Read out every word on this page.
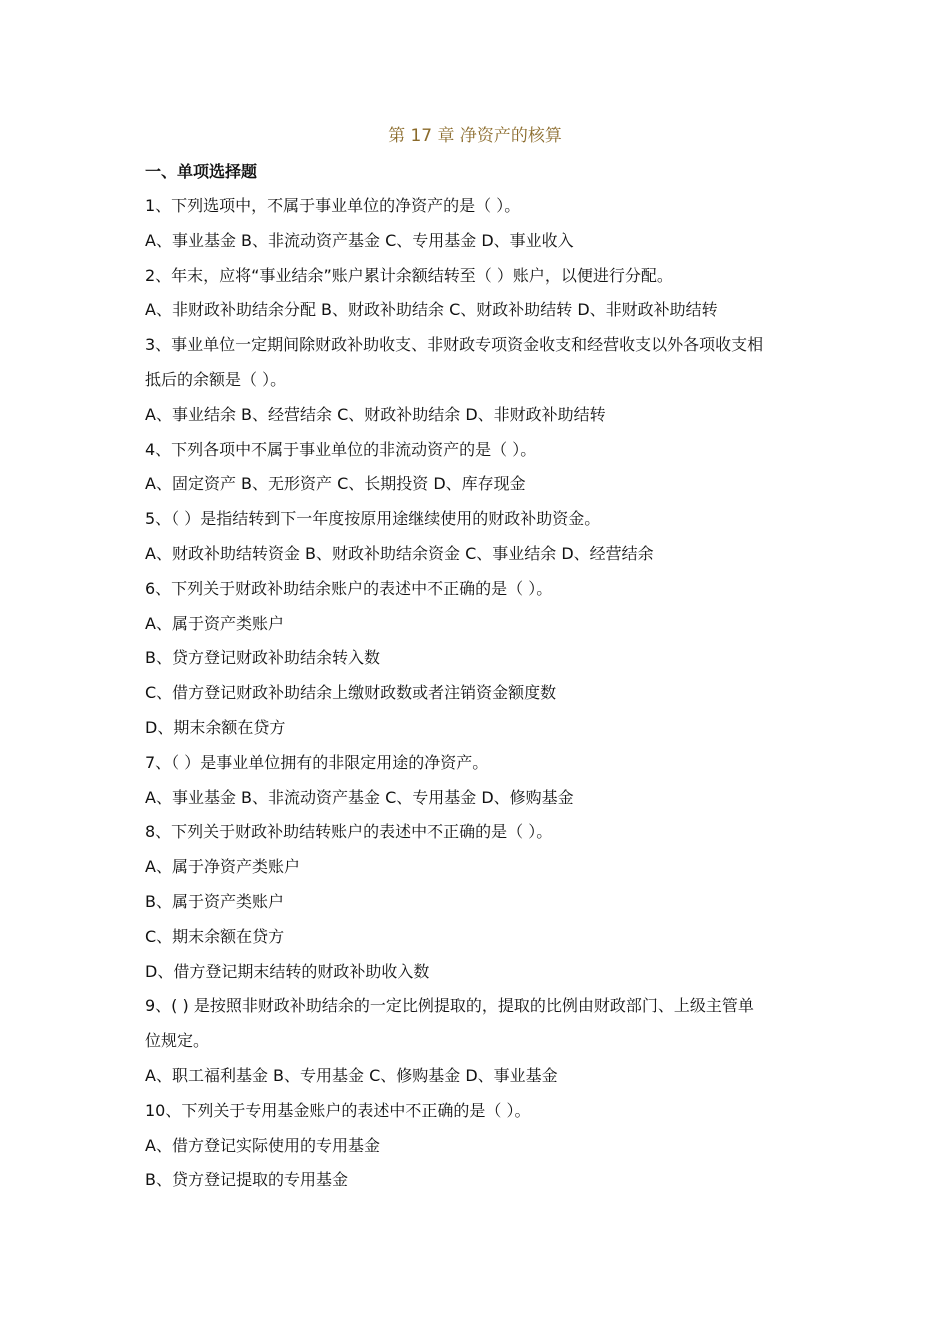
第 17 章 净资产的核算
一、单项选择题
1、下列选项中，不属于事业单位的净资产的是（ ）。
A、事业基金 B、非流动资产基金 C、专用基金 D、事业收入
2、年末，应将“事业结余”账户累计余额结转至（ ）账户，以便进行分配。
A、非财政补助结余分配 B、财政补助结余 C、财政补助结转 D、非财政补助结转
3、事业单位一定期间除财政补助收支、非财政专项资金收支和经营收支以外各项收支相
抵后的余额是（ ）。
A、事业结余 B、经营结余 C、财政补助结余 D、非财政补助结转
4、下列各项中不属于事业单位的非流动资产的是（ ）。
A、固定资产 B、无形资产 C、长期投资 D、库存现金
5、（ ）是指结转到下一年度按原用途继续使用的财政补助资金。
A、财政补助结转资金 B、财政补助结余资金 C、事业结余 D、经营结余
6、下列关于财政补助结余账户的表述中不正确的是（ ）。
A、属于资产类账户
B、贷方登记财政补助结余转入数
C、借方登记财政补助结余上缴财政数或者注销资金额度数
D、期末余额在贷方
7、（ ）是事业单位拥有的非限定用途的净资产。
A、事业基金 B、非流动资产基金 C、专用基金 D、修购基金
8、下列关于财政补助结转账户的表述中不正确的是（ ）。
A、属于净资产类账户
B、属于资产类账户
C、期末余额在贷方
D、借方登记期末结转的财政补助收入数
9、( ) 是按照非财政补助结余的一定比例提取的，提取的比例由财政部门、上级主管单
位规定。
A、职工福利基金 B、专用基金 C、修购基金 D、事业基金
10、下列关于专用基金账户的表述中不正确的是（ ）。
A、借方登记实际使用的专用基金
B、贷方登记提取的专用基金
